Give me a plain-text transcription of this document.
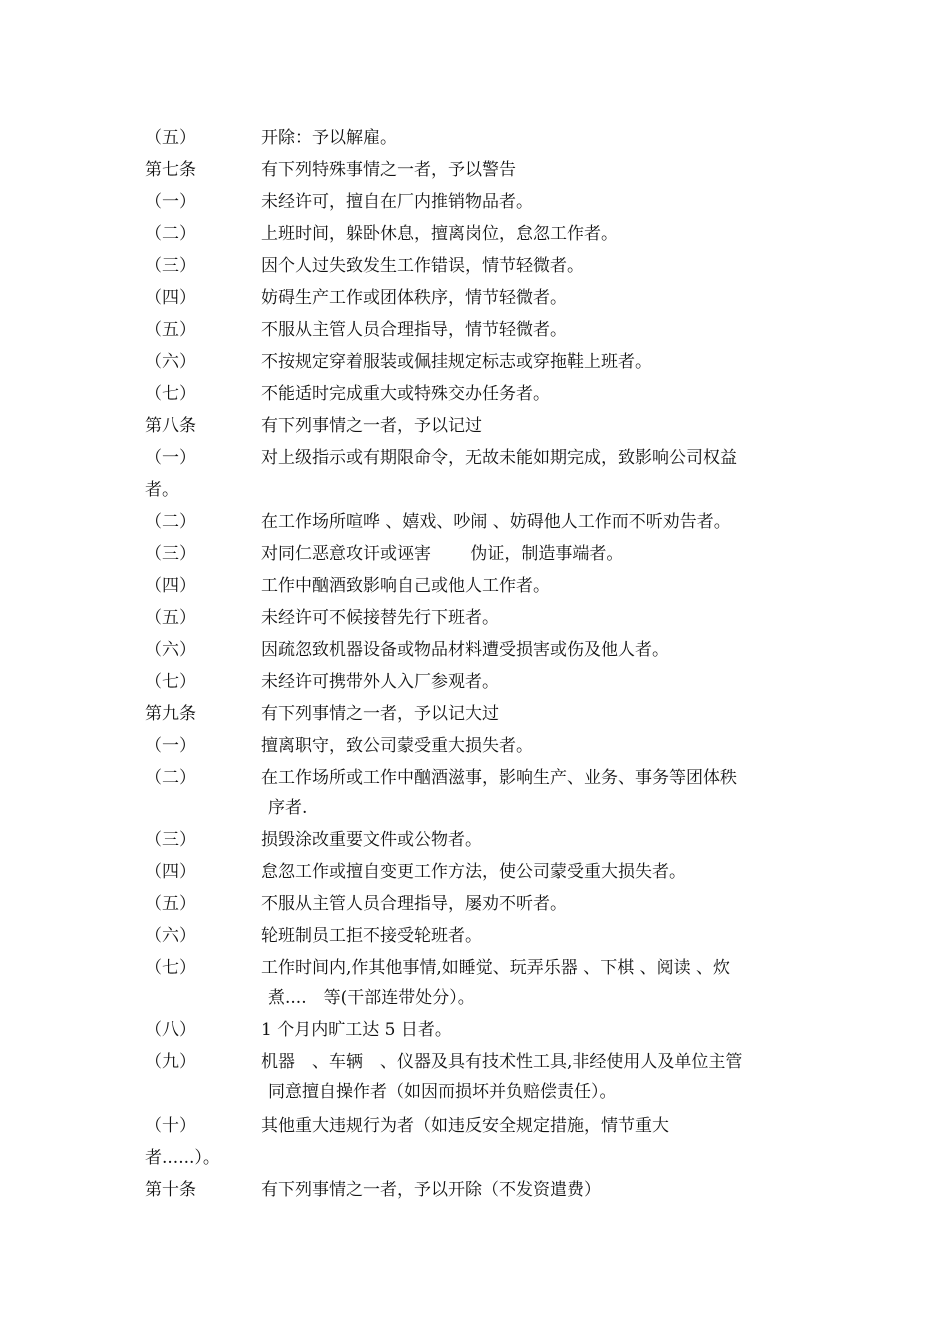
（五）	开除：予以解雇。
第七条	有下列特殊事情之一者，予以警告
（一）	未经许可，擅自在厂内推销物品者。
（二）	上班时间，躲卧休息，擅离岗位，怠忽工作者。
（三）	因个人过失致发生工作错误，情节轻微者。
（四）	妨碍生产工作或团体秩序，情节轻微者。
（五）	不服从主管人员合理指导，情节轻微者。
（六）	不按规定穿着服装或佩挂规定标志或穿拖鞋上班者。
（七）	不能适时完成重大或特殊交办任务者。
第八条	有下列事情之一者，予以记过
（一）	对上级指示或有期限命令，无故未能如期完成，致影响公司权益
者。
（二）	在工作场所喧哗 、嬉戏、吵闹 、妨碍他人工作而不听劝告者。
（三）	对同仁恶意攻讦或诬害　　 伪证，制造事端者。
（四）	工作中酗酒致影响自己或他人工作者。
（五）	未经许可不候接替先行下班者。
（六）	因疏忽致机器设备或物品材料遭受损害或伤及他人者。
（七）	未经许可携带外人入厂参观者。
第九条	有下列事情之一者，予以记大过
（一）	擅离职守，致公司蒙受重大损失者。
（二）	在工作场所或工作中酗酒滋事，影响生产、业务、事务等团体秩
序者.
（三）	损毁涂改重要文件或公物者。
（四）	怠忽工作或擅自变更工作方法，使公司蒙受重大损失者。
（五）	不服从主管人员合理指导，屡劝不听者。
（六）	轮班制员工拒不接受轮班者。
（七）	工作时间内,作其他事情,如睡觉、玩弄乐器 、下棋 、阅读 、炊
煮....　等(干部连带处分）。
（八）	1 个月内旷工达 5 日者。
（九）	机器　、车辆　、仪器及具有技术性工具,非经使用人及单位主管
同意擅自操作者（如因而损坏并负赔偿责任）。
（十）	其他重大违规行为者（如违反安全规定措施，情节重大
者......）。
第十条	有下列事情之一者，予以开除（不发资遣费）
